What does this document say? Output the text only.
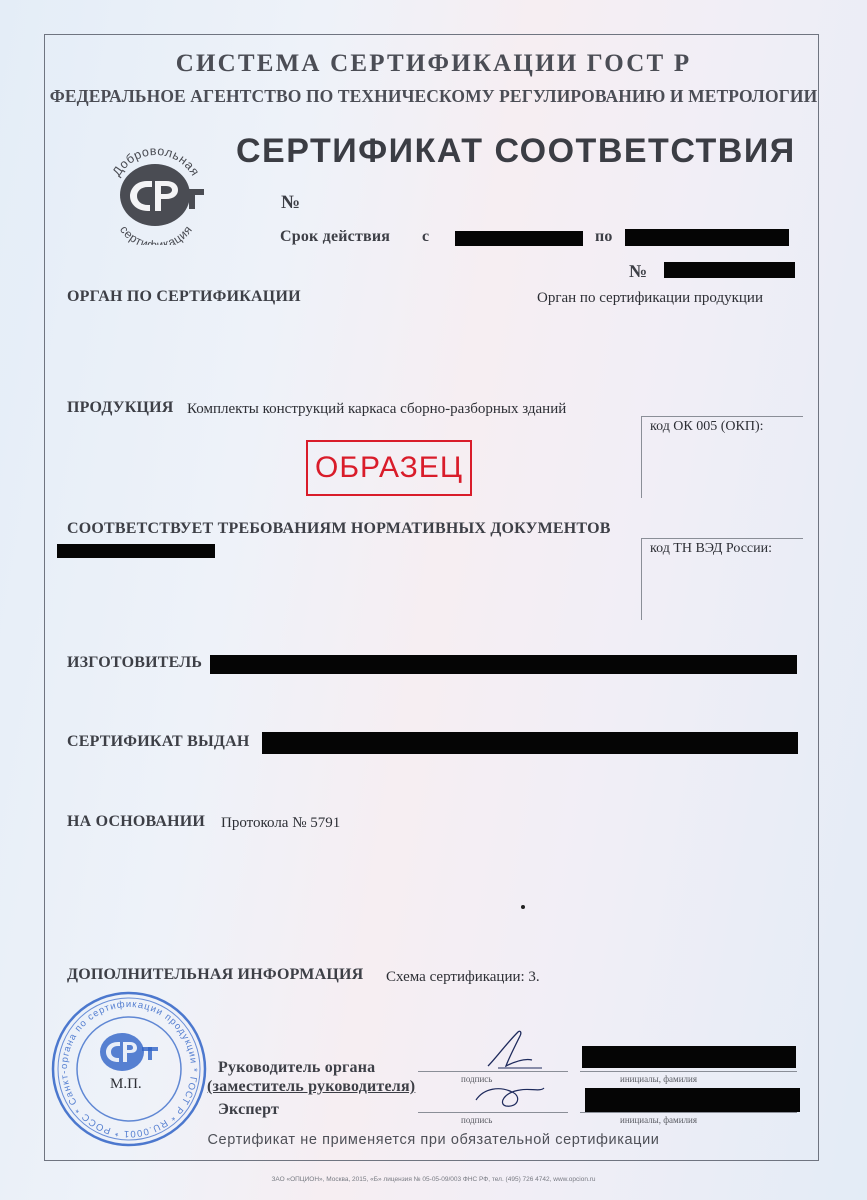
СИСТЕМА СЕРТИФИКАЦИИ ГОСТ Р
ФЕДЕРАЛЬНОЕ АГЕНТСТВО ПО ТЕХНИЧЕСКОМУ РЕГУЛИРОВАНИЮ И МЕТРОЛОГИИ
Добровольная
сертификация
СЕРТИФИКАТ СООТВЕТСТВИЯ
№
Срок действия с	по
№
ОРГАН ПО СЕРТИФИКАЦИИ	Орган по сертификации продукции
ПРОДУКЦИЯ Комплекты конструкций каркаса сборно-разборных зданий
код ОК 005 (ОКП):
ОБРАЗЕЦ
СООТВЕТСТВУЕТ ТРЕБОВАНИЯМ НОРМАТИВНЫХ ДОКУМЕНТОВ
код ТН ВЭД России:
ИЗГОТОВИТЕЛЬ
СЕРТИФИКАТ ВЫДАН
НА ОСНОВАНИИ Протокола № 5791
ДОПОЛНИТЕЛЬНАЯ ИНФОРМАЦИЯ Схема сертификации: 3.
органа по сертификации продукции * ГОСТ Р * RU.0001 * РОСС * Санкт-
М.П.
Руководитель органа
(заместитель руководителя)
Эксперт
подпись
подпись
инициалы, фамилия
инициалы, фамилия
Сертификат не применяется при обязательной сертификации
ЗАО «ОПЦИОН», Москва, 2015, «Б» лицензия № 05-05-09/003 ФНС РФ, тел. (495) 726 4742, www.opcion.ru
